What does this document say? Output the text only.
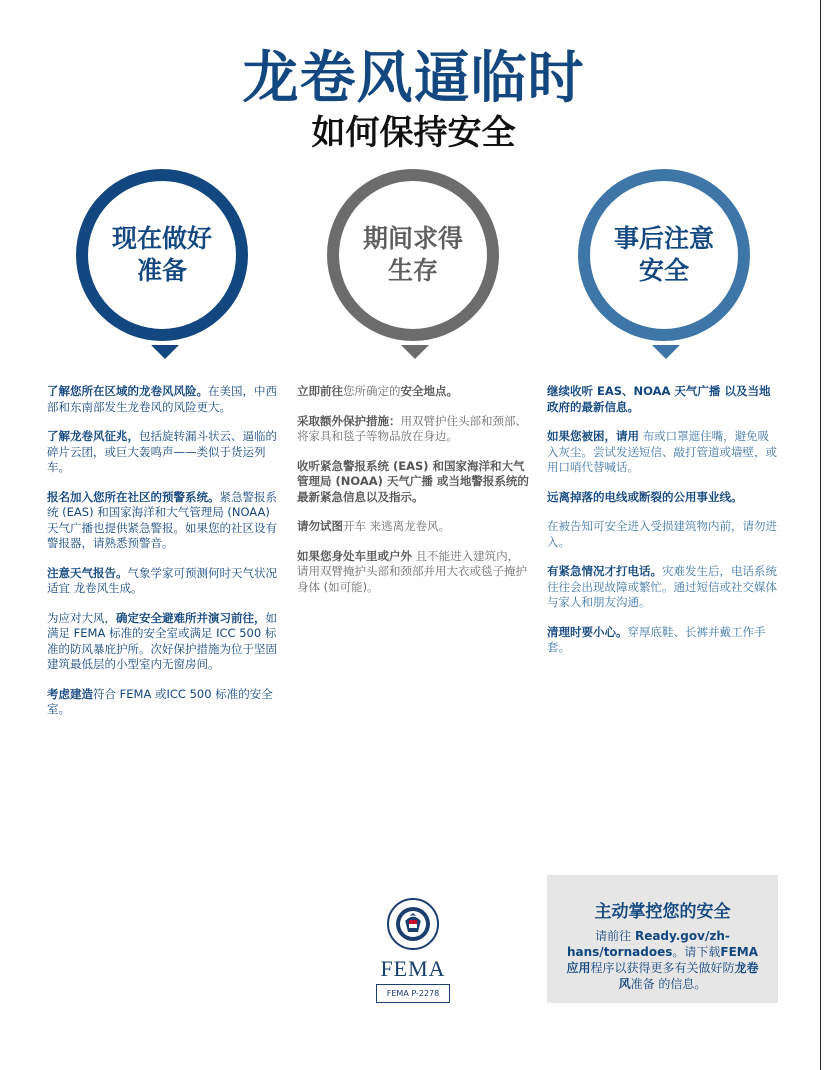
龙卷风逼临时
如何保持安全
现在做好
准备
期间求得
生存
事后注意
安全

了解您所在区域的龙卷风风险。在美国，中西部和东南部发生龙卷风的风险更大。

了解龙卷风征兆，包括旋转漏斗状云、逼临的碎片云团，或巨大轰鸣声——类似于货运列车。

报名加入您所在社区的预警系统。紧急警报系统 (EAS) 和国家海洋和大气管理局 (NOAA) 天气广播也提供紧急警报。如果您的社区设有警报器，请熟悉预警音。

注意天气报告。气象学家可预测何时天气状况适宜 龙卷风生成。

为应对大风，确定安全避难所并演习前往，如满足 FEMA 标准的安全室或满足 ICC 500 标准的防风暴庇护所。次好保护措施为位于坚固建筑最低层的小型室内无窗房间。

考虑建造符合 FEMA 或ICC 500 标准的安全室。

立即前往您所确定的安全地点。

采取额外保护措施：用双臂护住头部和颈部、将家具和毯子等物品放在身边。

收听紧急警报系统 (EAS) 和国家海洋和大气管理局 (NOAA) 天气广播 或当地警报系统的最新紧急信息以及指示。

请勿试图开车 来逃离龙卷风。

如果您身处车里或户外 且不能进入建筑内，请用双臂掩护头部和颈部并用大衣或毯子掩护身体 (如可能)。

继续收听 EAS、NOAA 天气广播 以及当地政府的最新信息。

如果您被困，请用 布或口罩遮住嘴，避免吸入灰尘。尝试发送短信、敲打管道或墙壁，或用口哨代替喊话。

远离掉落的电线或断裂的公用事业线。

在被告知可安全进入受损建筑物内前，请勿进入。

有紧急情况才打电话。灾难发生后，电话系统往往会出现故障或繁忙。通过短信或社交媒体与家人和朋友沟通。

清理时要小心。穿厚底鞋、长裤并戴工作手套。

FEMA
FEMA P-2278
主动掌控您的安全
请前往 Ready.gov/zh-hans/tornadoes。请下载FEMA 应用程序以获得更多有关做好防龙卷风准备 的信息。
